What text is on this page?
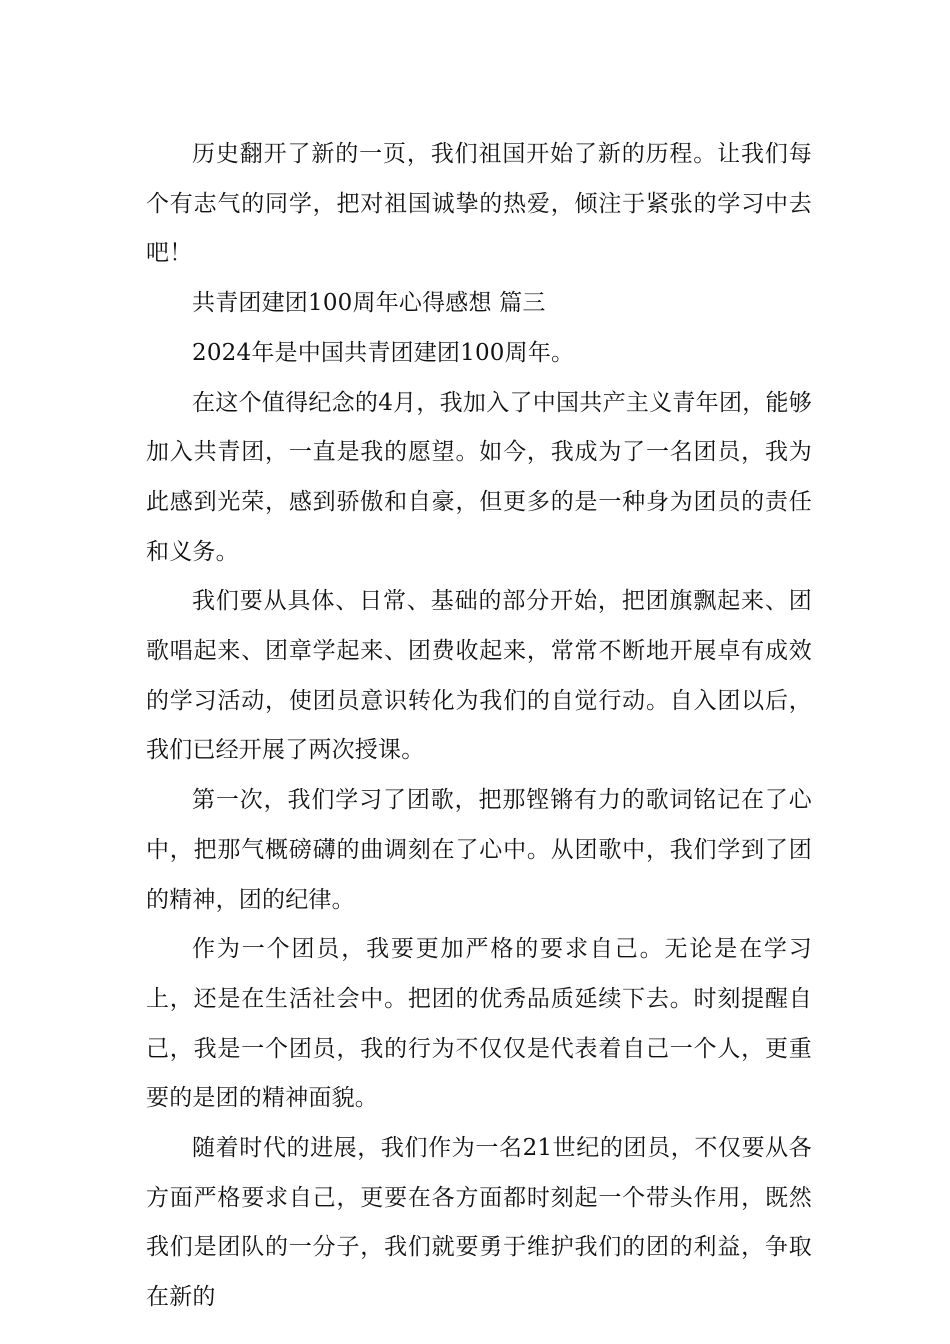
历史翻开了新的一页，我们祖国开始了新的历程。让我们每个有志气的同学，把对祖国诚挚的热爱，倾注于紧张的学习中去吧！

共青团建团100周年心得感想 篇三

2024年是中国共青团建团100周年。

在这个值得纪念的4月，我加入了中国共产主义青年团，能够加入共青团，一直是我的愿望。如今，我成为了一名团员，我为此感到光荣，感到骄傲和自豪，但更多的是一种身为团员的责任和义务。

我们要从具体、日常、基础的部分开始，把团旗飘起来、团歌唱起来、团章学起来、团费收起来，常常不断地开展卓有成效的学习活动，使团员意识转化为我们的自觉行动。自入团以后，我们已经开展了两次授课。

第一次，我们学习了团歌，把那铿锵有力的歌词铭记在了心中，把那气概磅礴的曲调刻在了心中。从团歌中，我们学到了团的精神，团的纪律。

作为一个团员，我要更加严格的要求自己。无论是在学习上，还是在生活社会中。把团的优秀品质延续下去。时刻提醒自己，我是一个团员，我的行为不仅仅是代表着自己一个人，更重要的是团的精神面貌。

随着时代的进展，我们作为一名21世纪的团员，不仅要从各方面严格要求自己，更要在各方面都时刻起一个带头作用，既然我们是团队的一分子，我们就要勇于维护我们的团的利益，争取在新的
